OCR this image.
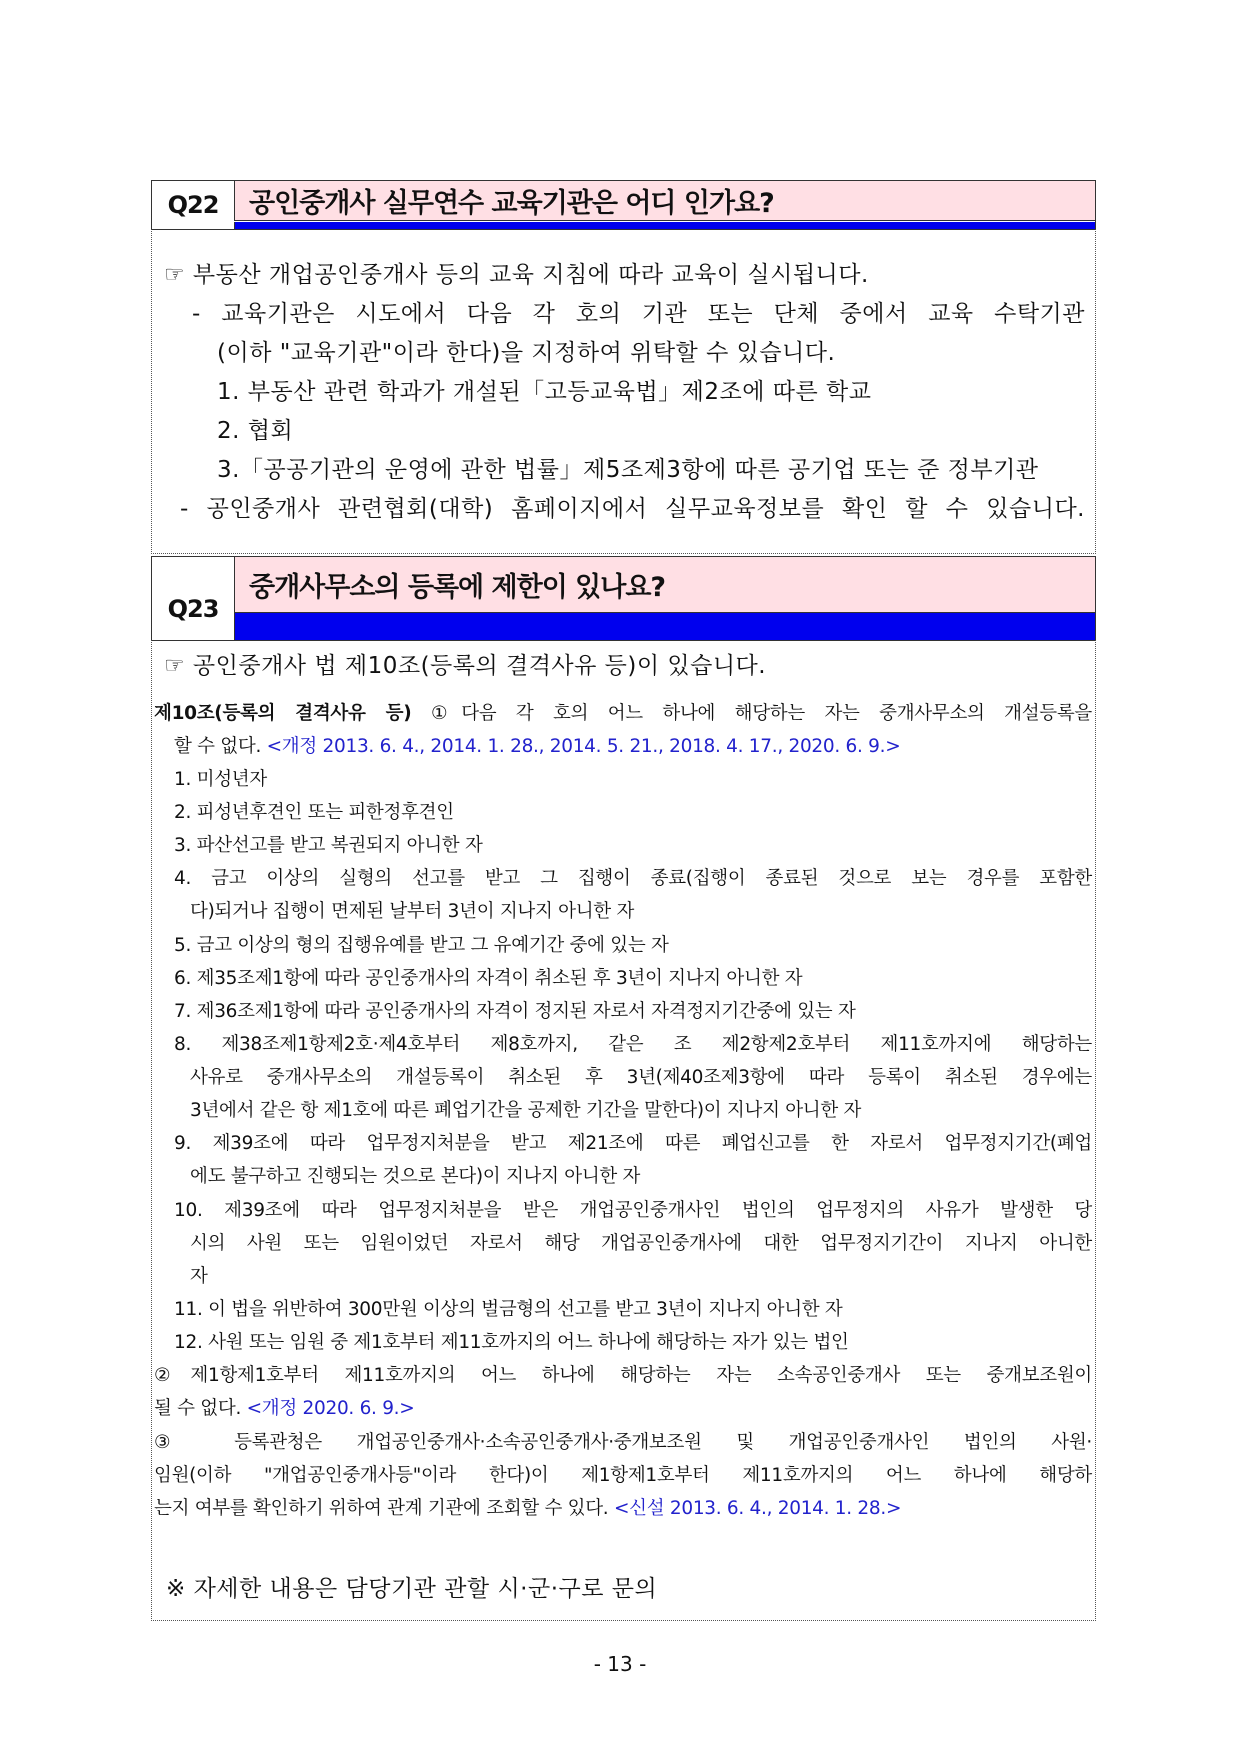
Q22	공인중개사 실무연수 교육기관은 어디 인가요?
☞ 부동산 개업공인중개사 등의 교육 지침에 따라 교육이 실시됩니다.
- 교육기관은 시도에서 다음 각 호의 기관 또는 단체 중에서 교육 수탁기관
(이하 "교육기관"이라 한다)을 지정하여 위탁할 수 있습니다.
1. 부동산 관련 학과가 개설된「고등교육법」제2조에 따른 학교
2. 협회
3.「공공기관의 운영에 관한 법률」제5조제3항에 따른 공기업 또는 준 정부기관
- 공인중개사 관련협회(대학) 홈페이지에서 실무교육정보를 확인 할 수 있습니다.
Q23
중개사무소의 등록에 제한이 있나요?
☞ 공인중개사 법 제10조(등록의 결격사유 등)이 있습니다.
제10조(등록의 결격사유 등) ①다음 각 호의 어느 하나에 해당하는 자는 중개사무소의 개설등록을
할 수 없다. <개정 2013. 6. 4., 2014. 1. 28., 2014. 5. 21., 2018. 4. 17., 2020. 6. 9.>
1. 미성년자
2. 피성년후견인 또는 피한정후견인
3. 파산선고를 받고 복권되지 아니한 자
4. 금고 이상의 실형의 선고를 받고 그 집행이 종료(집행이 종료된 것으로 보는 경우를 포함한
다)되거나 집행이 면제된 날부터 3년이 지나지 아니한 자
5. 금고 이상의 형의 집행유예를 받고 그 유예기간 중에 있는 자
6. 제35조제1항에 따라 공인중개사의 자격이 취소된 후 3년이 지나지 아니한 자
7. 제36조제1항에 따라 공인중개사의 자격이 정지된 자로서 자격정지기간중에 있는 자
8. 제38조제1항제2호·제4호부터 제8호까지, 같은 조 제2항제2호부터 제11호까지에 해당하는
사유로 중개사무소의 개설등록이 취소된 후 3년(제40조제3항에 따라 등록이 취소된 경우에는
3년에서 같은 항 제1호에 따른 폐업기간을 공제한 기간을 말한다)이 지나지 아니한 자
9. 제39조에 따라 업무정지처분을 받고 제21조에 따른 폐업신고를 한 자로서 업무정지기간(폐업
에도 불구하고 진행되는 것으로 본다)이 지나지 아니한 자
10. 제39조에 따라 업무정지처분을 받은 개업공인중개사인 법인의 업무정지의 사유가 발생한 당
시의 사원 또는 임원이었던 자로서 해당 개업공인중개사에 대한 업무정지기간이 지나지 아니한
자
11. 이 법을 위반하여 300만원 이상의 벌금형의 선고를 받고 3년이 지나지 아니한 자
12. 사원 또는 임원 중 제1호부터 제11호까지의 어느 하나에 해당하는 자가 있는 법인
②제1항제1호부터 제11호까지의 어느 하나에 해당하는 자는 소속공인중개사 또는 중개보조원이
될 수 없다. <개정 2020. 6. 9.>
③ 등록관청은 개업공인중개사·소속공인중개사·중개보조원 및 개업공인중개사인 법인의 사원·
임원(이하 "개업공인중개사등"이라 한다)이 제1항제1호부터 제11호까지의 어느 하나에 해당하
는지 여부를 확인하기 위하여 관계 기관에 조회할 수 있다. <신설 2013. 6. 4., 2014. 1. 28.>
※ 자세한 내용은 담당기관 관할 시·군·구로 문의
- 13 -
